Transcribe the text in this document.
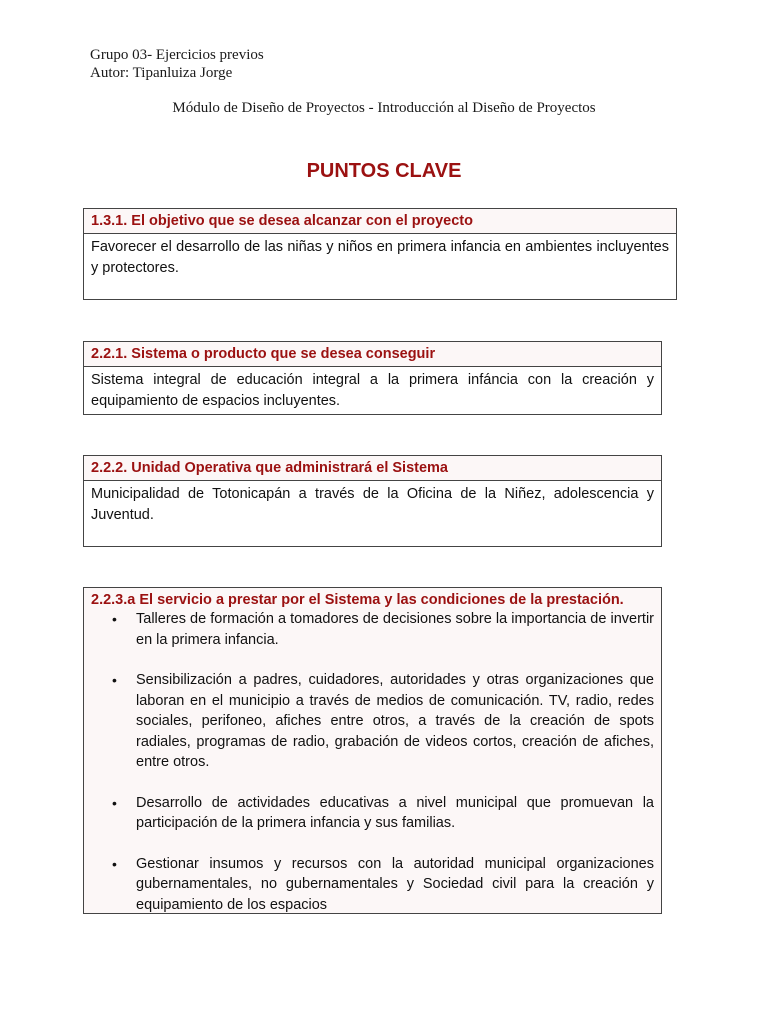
Grupo 03- Ejercicios previos
Autor: Tipanluiza Jorge
Módulo de Diseño de Proyectos - Introducción al Diseño de Proyectos
PUNTOS CLAVE
1.3.1. El objetivo que se desea alcanzar con el proyecto
Favorecer el desarrollo de las niñas y niños en primera infancia en ambientes incluyentes y protectores.
2.2.1. Sistema o producto que se desea conseguir
Sistema integral de educación integral a la primera infáncia con la creación y equipamiento de espacios incluyentes.
2.2.2. Unidad Operativa que administrará el Sistema
Municipalidad de Totonicapán a través de la Oficina de la Niñez, adolescencia y Juventud.
2.2.3.a El servicio a prestar por el Sistema y las condiciones de la prestación.
• Talleres de formación a tomadores de decisiones sobre la importancia de invertir en la primera infancia.
• Sensibilización a padres, cuidadores, autoridades y otras organizaciones que laboran en el municipio a través de medios de comunicación. TV, radio, redes sociales, perifoneo, afiches entre otros, a través de la creación de spots radiales, programas de radio, grabación de videos cortos, creación de afiches, entre otros.
• Desarrollo de actividades educativas a nivel municipal que promuevan la participación de la primera infancia y sus familias.
• Gestionar insumos y recursos con la autoridad municipal organizaciones gubernamentales, no gubernamentales y Sociedad civil para la creación y equipamiento de los espacios
